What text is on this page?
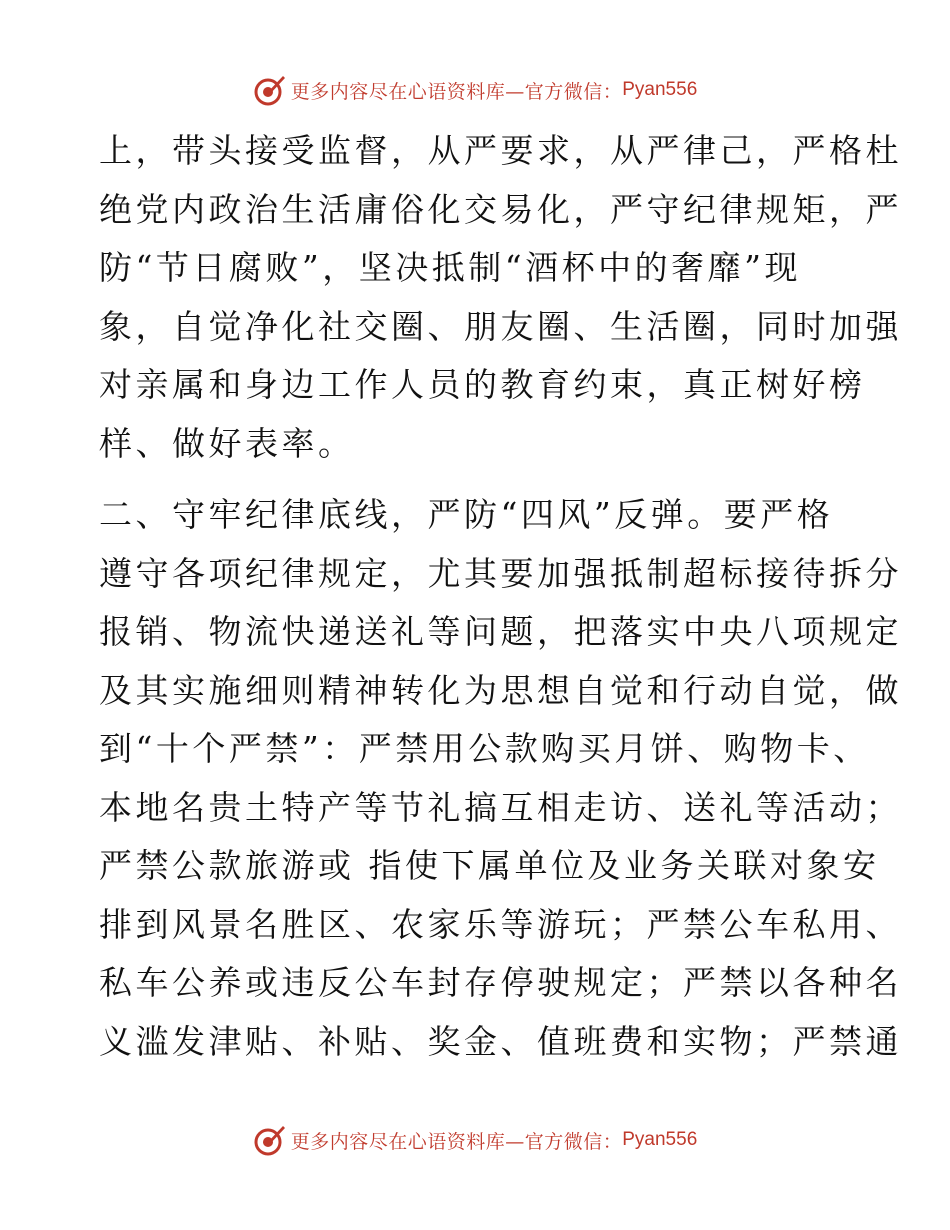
更多内容尽在心语资料库—官方微信： Pyan556
上，带头接受监督，从严要求，从严律己，严格杜
绝党内政治生活庸俗化交易化，严守纪律规矩，严
防“节日腐败”，坚决抵制“酒杯中的奢靡”现
象，自觉净化社交圈、朋友圈、生活圈，同时加强
对亲属和身边工作人员的教育约束，真正树好榜
样、做好表率。
二、守牢纪律底线，严防“四风”反弹。要严格
遵守各项纪律规定，尤其要加强抵制超标接待拆分
报销、物流快递送礼等问题，把落实中央八项规定
及其实施细则精神转化为思想自觉和行动自觉，做
到“十个严禁”：严禁用公款购买月饼、购物卡、
本地名贵土特产等节礼搞互相走访、送礼等活动；
严禁公款旅游或 指使下属单位及业务关联对象安
排到风景名胜区、农家乐等游玩；严禁公车私用、
私车公养或违反公车封存停驶规定；严禁以各种名
义滥发津贴、补贴、奖金、值班费和实物；严禁通
更多内容尽在心语资料库—官方微信： Pyan556
